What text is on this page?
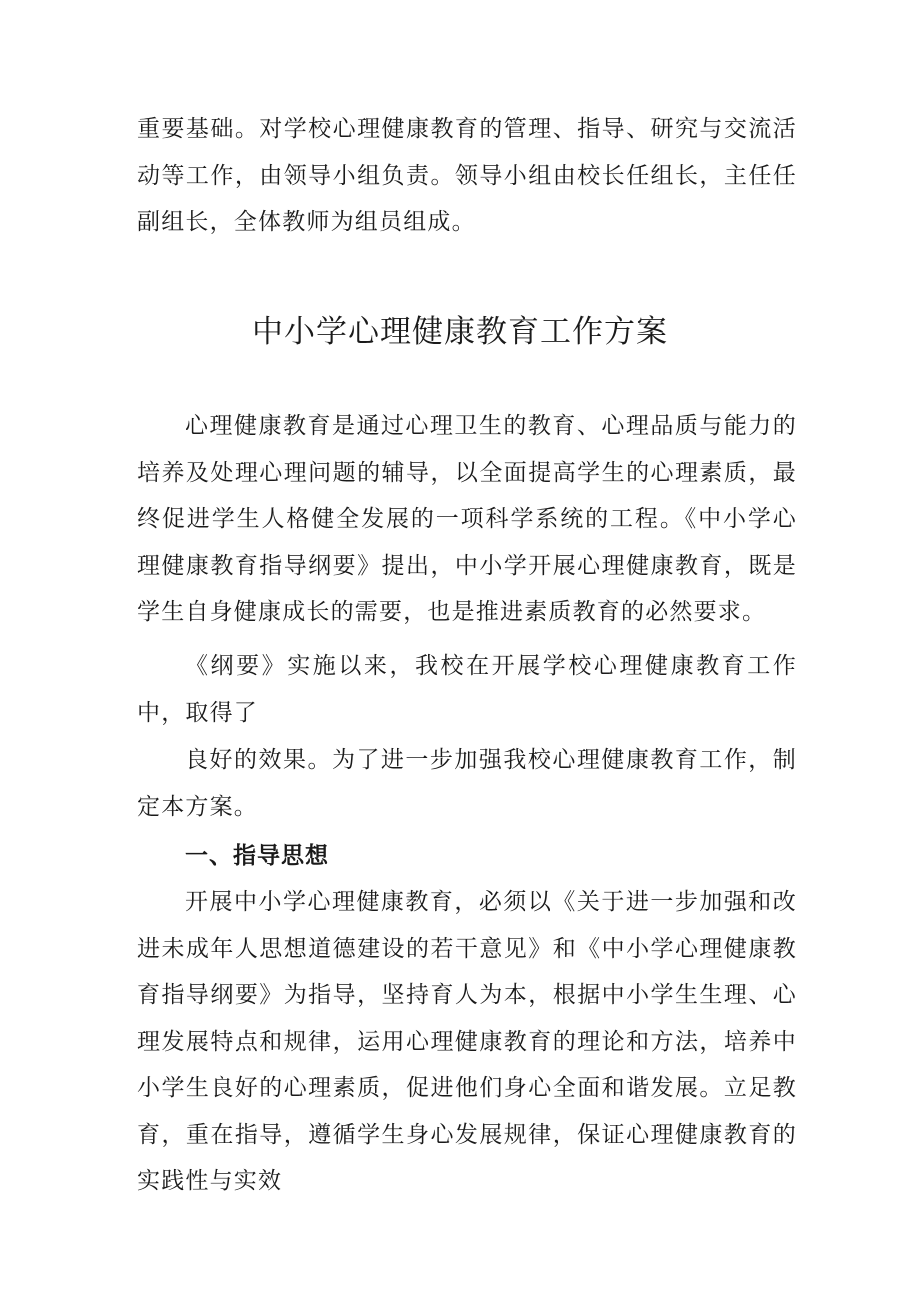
重要基础。对学校心理健康教育的管理、指导、研究与交流活动等工作，由领导小组负责。领导小组由校长任组长，主任任副组长，全体教师为组员组成。

中小学心理健康教育工作方案

心理健康教育是通过心理卫生的教育、心理品质与能力的培养及处理心理问题的辅导，以全面提高学生的心理素质，最终促进学生人格健全发展的一项科学系统的工程。《中小学心理健康教育指导纲要》提出，中小学开展心理健康教育，既是学生自身健康成长的需要，也是推进素质教育的必然要求。

《纲要》实施以来，我校在开展学校心理健康教育工作中，取得了

良好的效果。为了进一步加强我校心理健康教育工作，制定本方案。

一、指导思想

开展中小学心理健康教育，必须以《关于进一步加强和改进未成年人思想道德建设的若干意见》和《中小学心理健康教育指导纲要》为指导，坚持育人为本，根据中小学生生理、心理发展特点和规律，运用心理健康教育的理论和方法，培养中小学生良好的心理素质，促进他们身心全面和谐发展。立足教育，重在指导，遵循学生身心发展规律，保证心理健康教育的实践性与实效
